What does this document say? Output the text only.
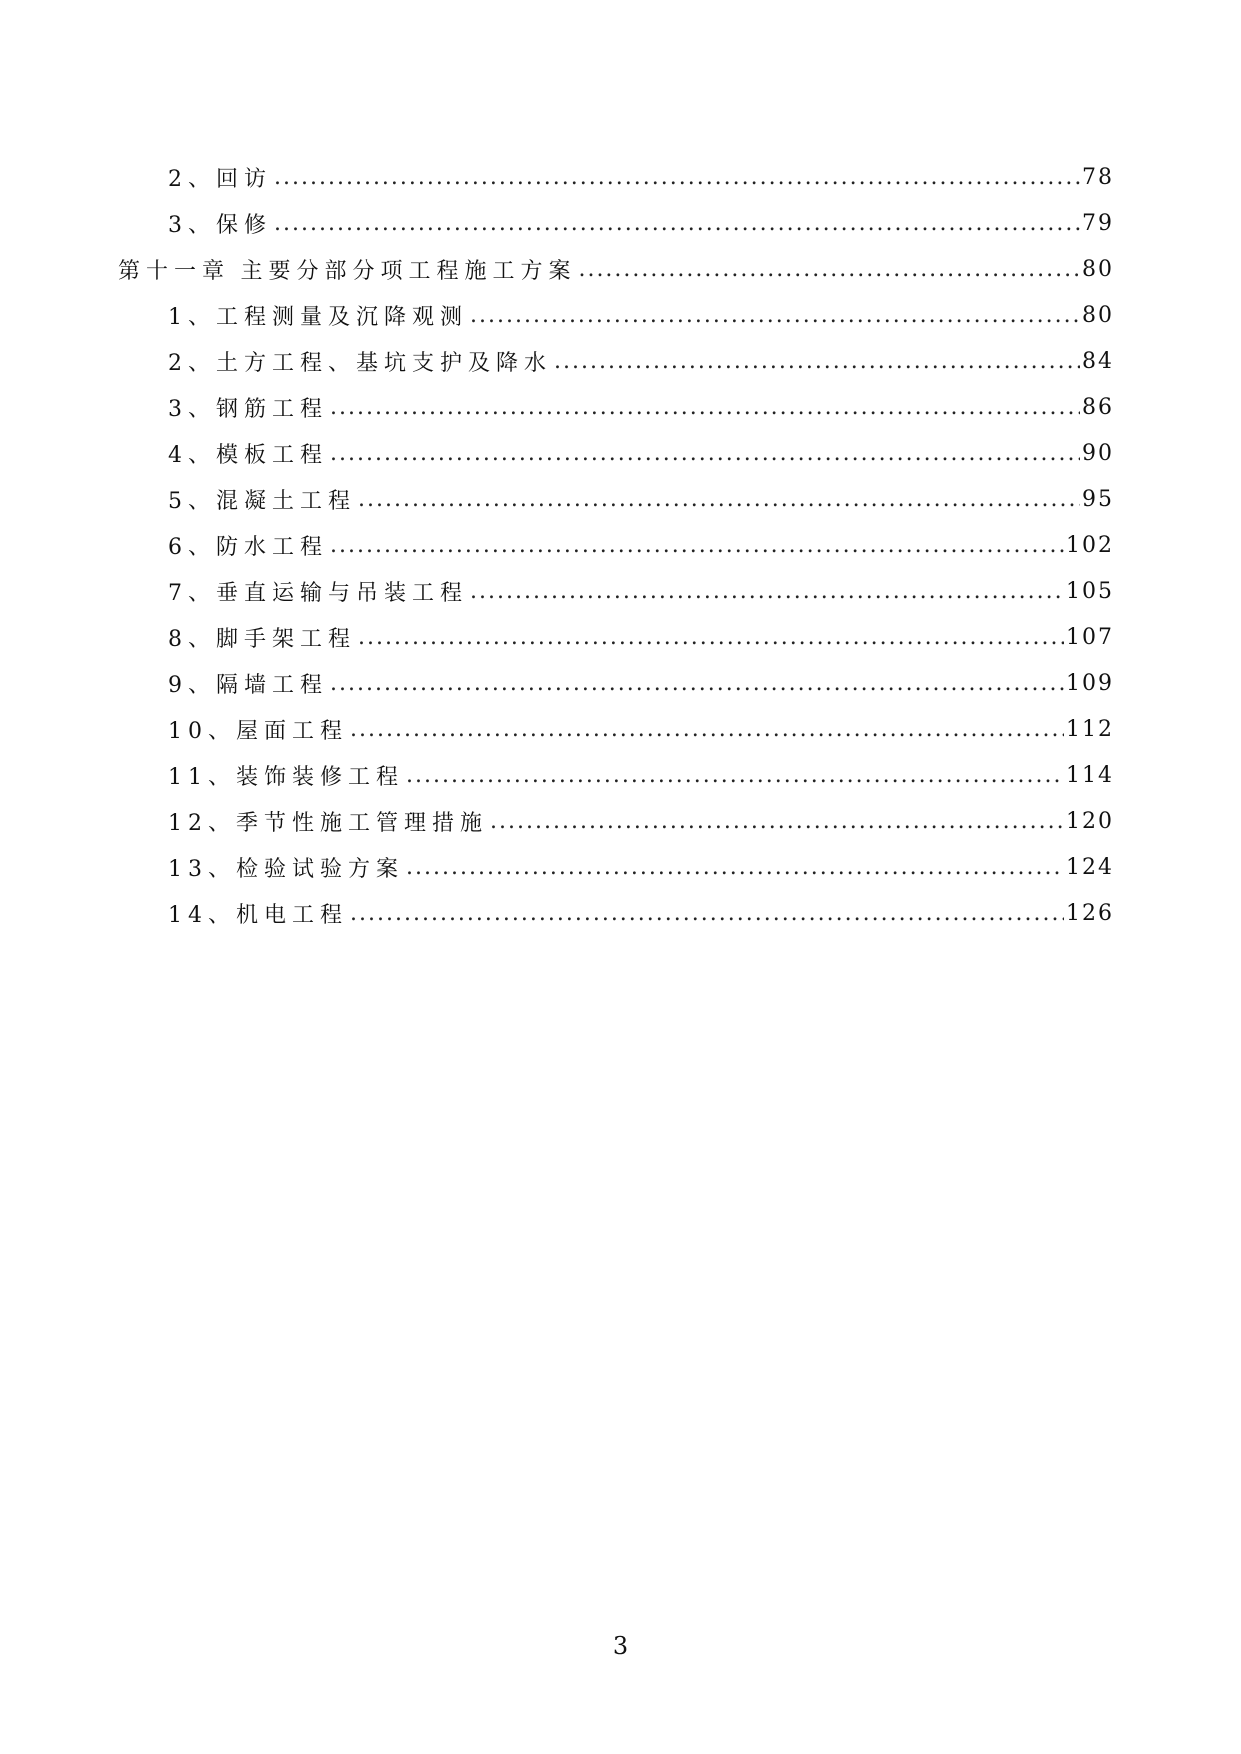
2、 回访 .....	78
3、 保修 .....	79
第十一章 主要分部分项工程施工方案 .....	80
1、 工程测量及沉降观测 .....	80
2、 土方工程、基坑支护及降水 .....	84
3、 钢筋工程 .....	86
4、 模板工程 .....	90
5、 混凝土工程 .....	95
6、 防水工程 .....	102
7、 垂直运输与吊装工程 .....	105
8、 脚手架工程 .....	107
9、 隔墙工程 .....	109
10、 屋面工程 .....	112
11、 装饰装修工程 .....	114
12、 季节性施工管理措施 .....	120
13、 检验试验方案 .....	124
14、 机电工程 .....	126
3
